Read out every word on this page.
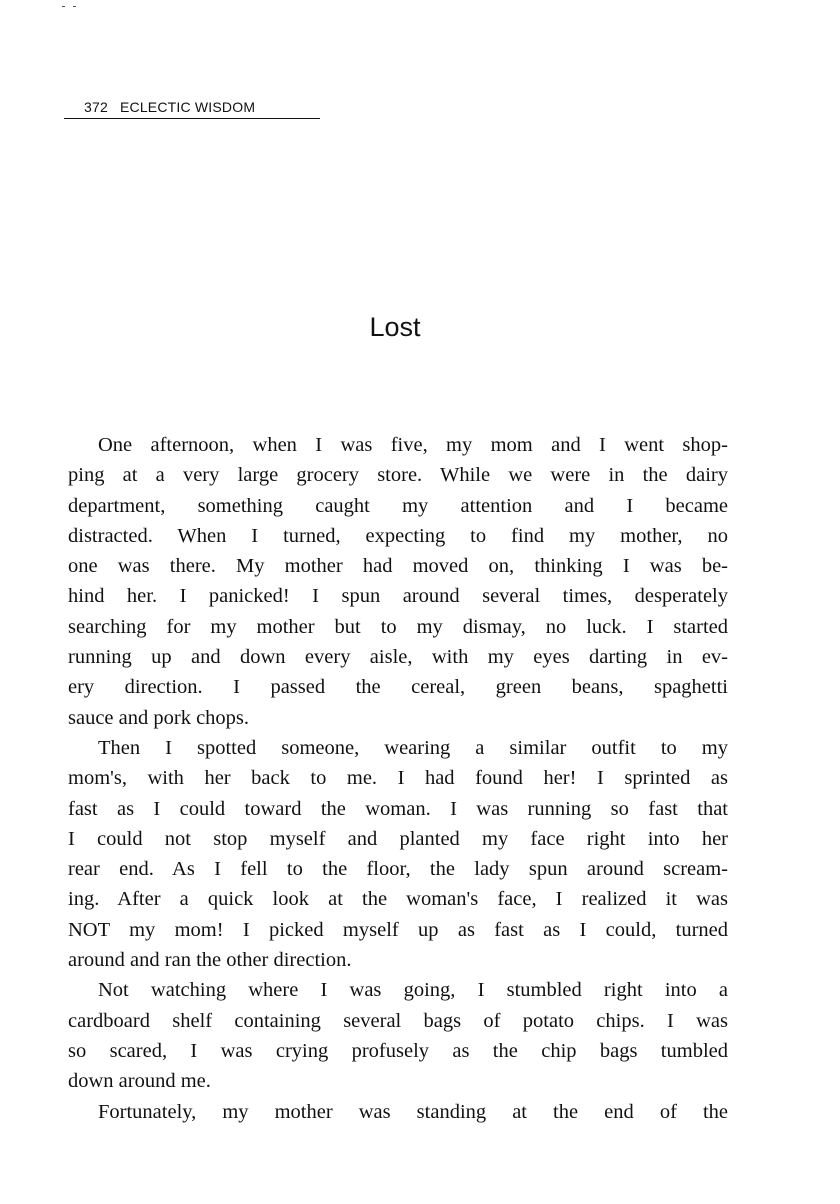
372 ECLECTIC WISDOM
Lost
One afternoon, when I was five, my mom and I went shop-
ping at a very large grocery store. While we were in the dairy
department, something caught my attention and I became
distracted. When I turned, expecting to find my mother, no
one was there. My mother had moved on, thinking I was be-
hind her. I panicked! I spun around several times, desperately
searching for my mother but to my dismay, no luck. I started
running up and down every aisle, with my eyes darting in ev-
ery direction. I passed the cereal, green beans, spaghetti
sauce and pork chops.
Then I spotted someone, wearing a similar outfit to my
mom's, with her back to me. I had found her! I sprinted as
fast as I could toward the woman. I was running so fast that
I could not stop myself and planted my face right into her
rear end. As I fell to the floor, the lady spun around scream-
ing. After a quick look at the woman's face, I realized it was
NOT my mom! I picked myself up as fast as I could, turned
around and ran the other direction.
Not watching where I was going, I stumbled right into a
cardboard shelf containing several bags of potato chips. I was
so scared, I was crying profusely as the chip bags tumbled
down around me.
Fortunately, my mother was standing at the end of the
